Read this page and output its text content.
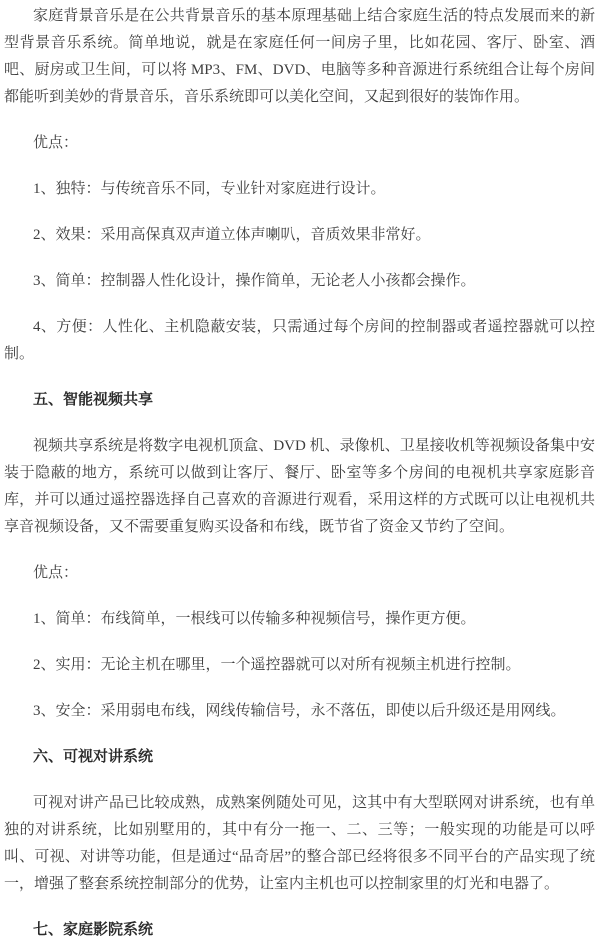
家庭背景音乐是在公共背景音乐的基本原理基础上结合家庭生活的特点发展而来的新型背景音乐系统。简单地说，就是在家庭任何一间房子里，比如花园、客厅、卧室、酒吧、厨房或卫生间，可以将 MP3、FM、DVD、电脑等多种音源进行系统组合让每个房间都能听到美妙的背景音乐，音乐系统即可以美化空间，又起到很好的装饰作用。

优点：

1、独特：与传统音乐不同，专业针对家庭进行设计。

2、效果：采用高保真双声道立体声喇叭，音质效果非常好。

3、简单：控制器人性化设计，操作简单，无论老人小孩都会操作。

4、方便：人性化、主机隐蔽安装，只需通过每个房间的控制器或者遥控器就可以控制。

五、智能视频共享

视频共享系统是将数字电视机顶盒、DVD 机、录像机、卫星接收机等视频设备集中安装于隐蔽的地方，系统可以做到让客厅、餐厅、卧室等多个房间的电视机共享家庭影音库，并可以通过遥控器选择自己喜欢的音源进行观看，采用这样的方式既可以让电视机共享音视频设备，又不需要重复购买设备和布线，既节省了资金又节约了空间。

优点：

1、简单：布线简单，一根线可以传输多种视频信号，操作更方便。

2、实用：无论主机在哪里，一个遥控器就可以对所有视频主机进行控制。

3、安全：采用弱电布线，网线传输信号，永不落伍，即使以后升级还是用网线。

六、可视对讲系统

可视对讲产品已比较成熟，成熟案例随处可见，这其中有大型联网对讲系统，也有单独的对讲系统，比如别墅用的，其中有分一拖一、二、三等；一般实现的功能是可以呼叫、可视、对讲等功能，但是通过“品奇居”的整合部已经将很多不同平台的产品实现了统一，增强了整套系统控制部分的优势，让室内主机也可以控制家里的灯光和电器了。

七、家庭影院系统
